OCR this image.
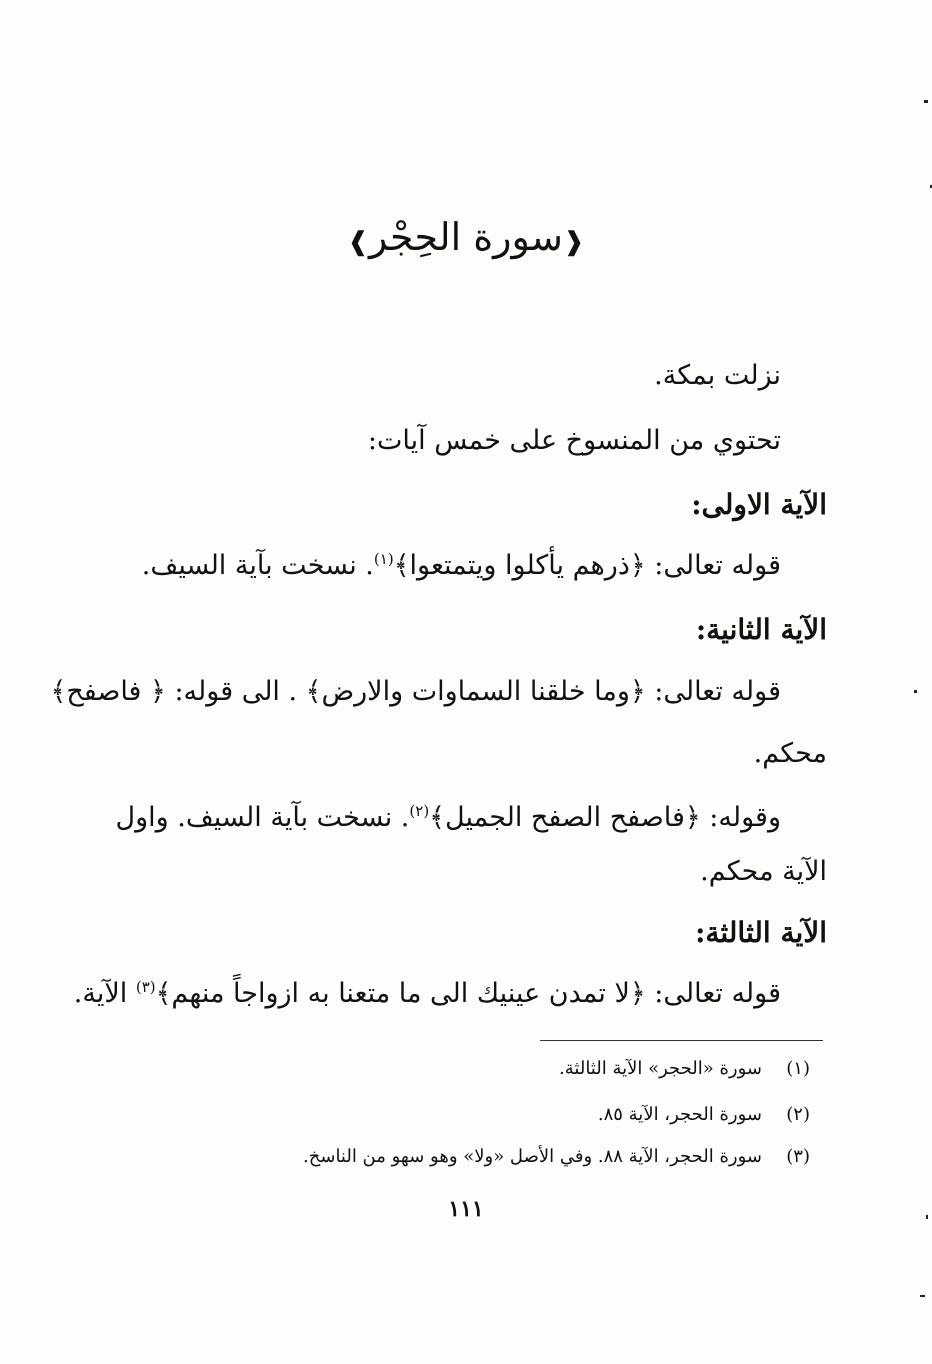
❰سورة الحِجْر❱
نزلت بمكة.
تحتوي من المنسوخ على خمس آيات:
الآية الاولى:
قوله تعالى: ﴿ذرهم يأكلوا ويتمتعوا﴾$^{(١)}$. نسخت بآية السيف.
الآية الثانية:
قوله تعالى: ﴿وما خلقنا السماوات والارض﴾ . الى قوله: ﴿ فاصفح﴾
محكم.
وقوله: ﴿فاصفح الصفح الجميل﴾$^{(٢)}$. نسخت بآية السيف. واول
الآية محكم.
الآية الثالثة:
قوله تعالى: ﴿لا تمدن عينيك الى ما متعنا به ازواجاً منهم﴾$^{(٣)}$ الآية.
(١)سورة «الحجر» الآية الثالثة.
(٢)سورة الحجر، الآية ٨٥.
(٣)سورة الحجر، الآية ٨٨. وفي الأصل «ولا» وهو سهو من الناسخ.
١١١
